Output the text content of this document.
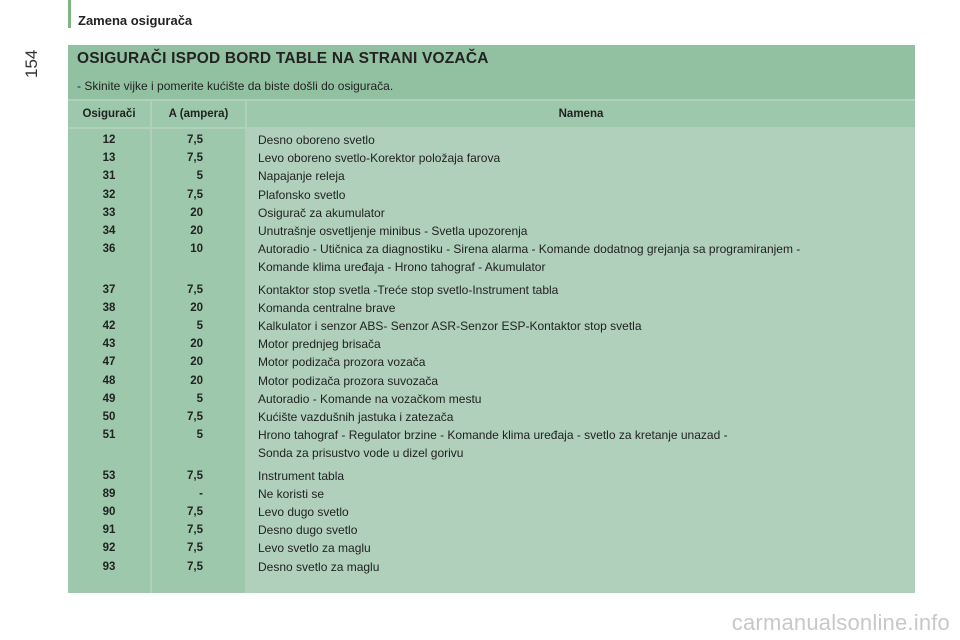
Zamena osigurača
154 OSIGURAČI ISPOD BORD TABLE NA STRANI VOZAČA
- Skinite vijke i pomerite kućište da biste došli do osigurača.
Osigurači	A (ampera)	Namena
12	7,5	Desno oboreno svetlo
13	7,5	Levo oboreno svetlo-Korektor položaja farova
31	5	Napajanje releja
32	7,5	Plafonsko svetlo
33	20	Osigurač za akumulator
34	20	Unutrašnje osvetljenje minibus - Svetla upozorenja
36	10	Autoradio - Utičnica za diagnostiku - Sirena alarma - Komande dodatnog grejanja sa programiranjem -
Komande klima uređaja - Hrono tahograf - Akumulator
37	7,5	Kontaktor stop svetla -Treće stop svetlo-Instrument tabla
38	20	Komanda centralne brave
42	5	Kalkulator i senzor ABS- Senzor ASR-Senzor ESP-Kontaktor stop svetla
43	20	Motor prednjeg brisača
47	20	Motor podizača prozora vozača
48	20	Motor podizača prozora suvozača
49	5	Autoradio - Komande na vozačkom mestu
50	7,5	Kućište vazdušnih jastuka i zatezača
51	5	Hrono tahograf - Regulator brzine - Komande klima uređaja - svetlo za kretanje unazad -
Sonda za prisustvo vode u dizel gorivu
53	7,5	Instrument tabla
89	-	Ne koristi se
90	7,5	Levo dugo svetlo
91	7,5	Desno dugo svetlo
92	7,5	Levo svetlo za maglu
93	7,5	Desno svetlo za maglu
carmanualsonline.info
